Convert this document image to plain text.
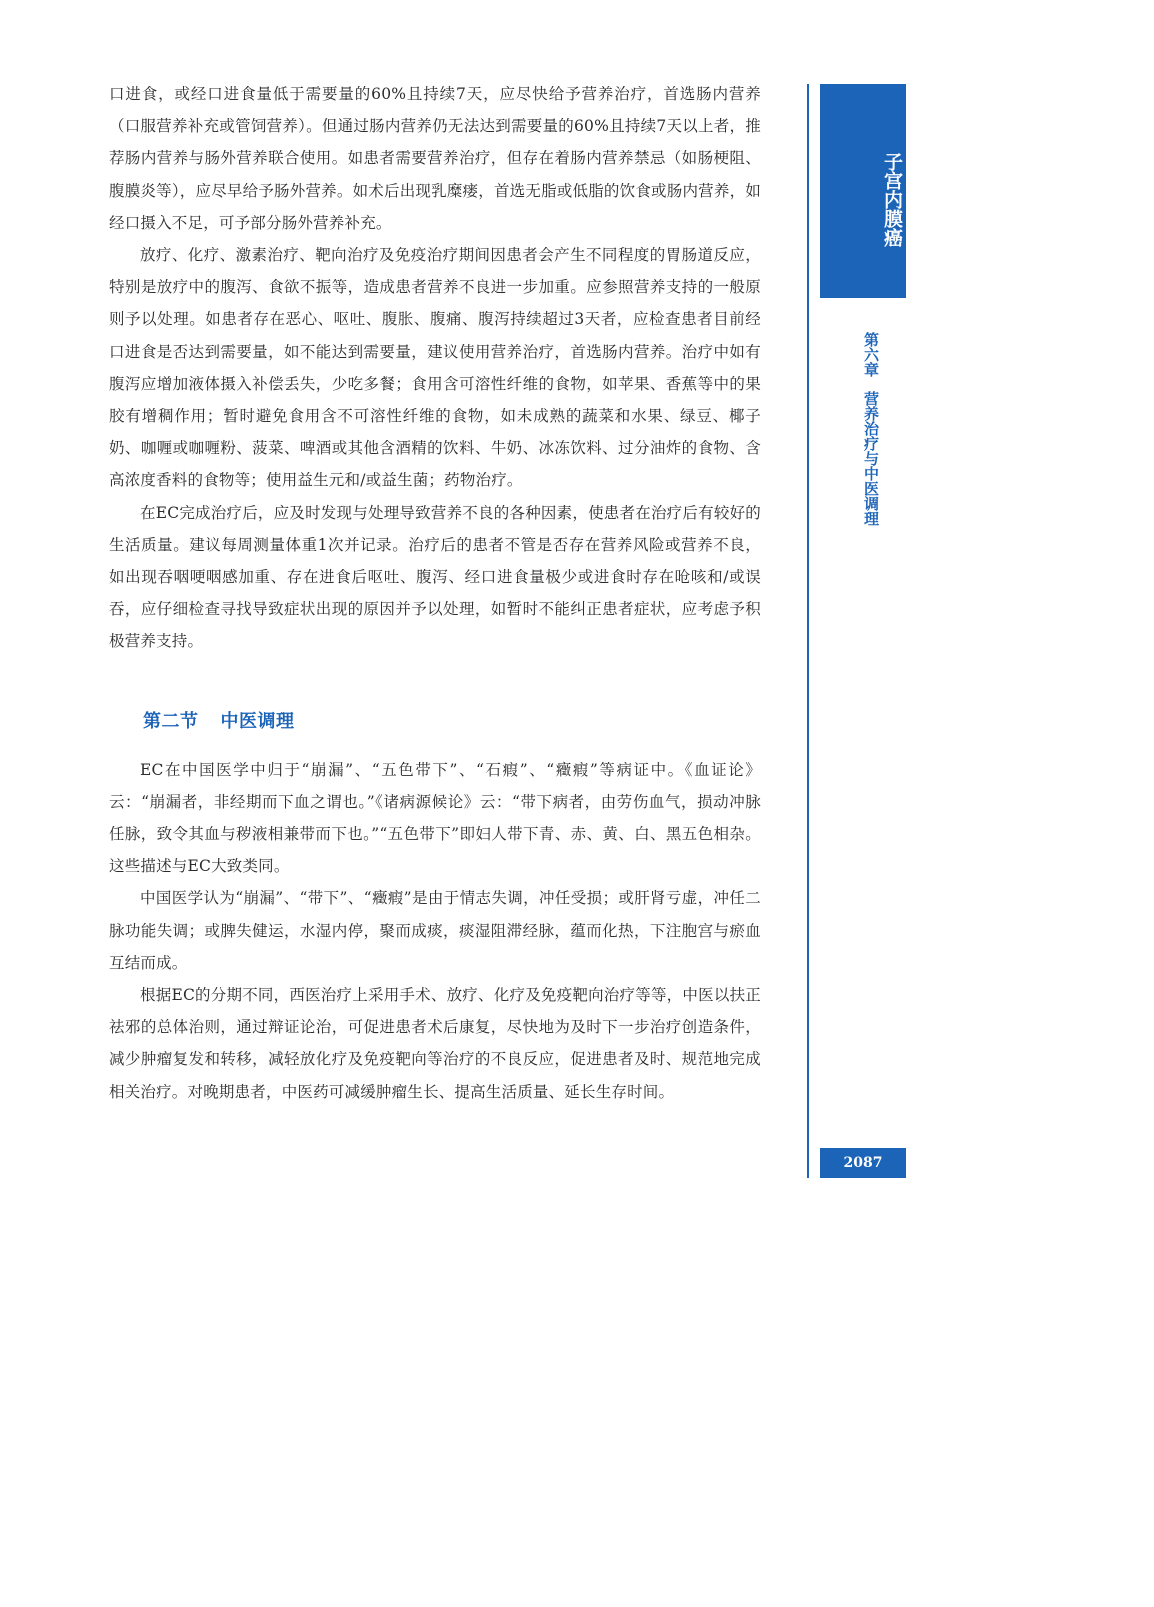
口进食，或经口进食量低于需要量的60%且持续7天，应尽快给予营养治疗，首选肠内营养（口服营养补充或管饲营养）。但通过肠内营养仍无法达到需要量的60%且持续7天以上者，推荐肠内营养与肠外营养联合使用。如患者需要营养治疗，但存在着肠内营养禁忌（如肠梗阻、腹膜炎等），应尽早给予肠外营养。如术后出现乳糜瘘，首选无脂或低脂的饮食或肠内营养，如经口摄入不足，可予部分肠外营养补充。

放疗、化疗、激素治疗、靶向治疗及免疫治疗期间因患者会产生不同程度的胃肠道反应，特别是放疗中的腹泻、食欲不振等，造成患者营养不良进一步加重。应参照营养支持的一般原则予以处理。如患者存在恶心、呕吐、腹胀、腹痛、腹泻持续超过3天者，应检查患者目前经口进食是否达到需要量，如不能达到需要量，建议使用营养治疗，首选肠内营养。治疗中如有腹泻应增加液体摄入补偿丢失，少吃多餐；食用含可溶性纤维的食物，如苹果、香蕉等中的果胶有增稠作用；暂时避免食用含不可溶性纤维的食物，如未成熟的蔬菜和水果、绿豆、椰子奶、咖喱或咖喱粉、菠菜、啤酒或其他含酒精的饮料、牛奶、冰冻饮料、过分油炸的食物、含高浓度香料的食物等；使用益生元和/或益生菌；药物治疗。

在EC完成治疗后，应及时发现与处理导致营养不良的各种因素，使患者在治疗后有较好的生活质量。建议每周测量体重1次并记录。治疗后的患者不管是否存在营养风险或营养不良，如出现吞咽哽咽感加重、存在进食后呕吐、腹泻、经口进食量极少或进食时存在呛咳和/或误吞，应仔细检查寻找导致症状出现的原因并予以处理，如暂时不能纠正患者症状，应考虑予积极营养支持。

第二节 中医调理

EC在中国医学中归于“崩漏”、“五色带下”、“石瘕”、“癥瘕”等病证中。《血证论》云：“崩漏者，非经期而下血之谓也。”《诸病源候论》云：“带下病者，由劳伤血气，损动冲脉任脉，致令其血与秽液相兼带而下也。”“五色带下”即妇人带下青、赤、黄、白、黑五色相杂。这些描述与EC大致类同。

中国医学认为“崩漏”、“带下”、“癥瘕”是由于情志失调，冲任受损；或肝肾亏虚，冲任二脉功能失调；或脾失健运，水湿内停，聚而成痰，痰湿阻滞经脉，蕴而化热，下注胞宫与瘀血互结而成。

根据EC的分期不同，西医治疗上采用手术、放疗、化疗及免疫靶向治疗等等，中医以扶正祛邪的总体治则，通过辩证论治，可促进患者术后康复，尽快地为及时下一步治疗创造条件，减少肿瘤复发和转移，减轻放化疗及免疫靶向等治疗的不良反应，促进患者及时、规范地完成相关治疗。对晚期患者，中医药可减缓肿瘤生长、提高生活质量、延长生存时间。

子宫内膜癌
第六章营养治疗与中医调理
2087
